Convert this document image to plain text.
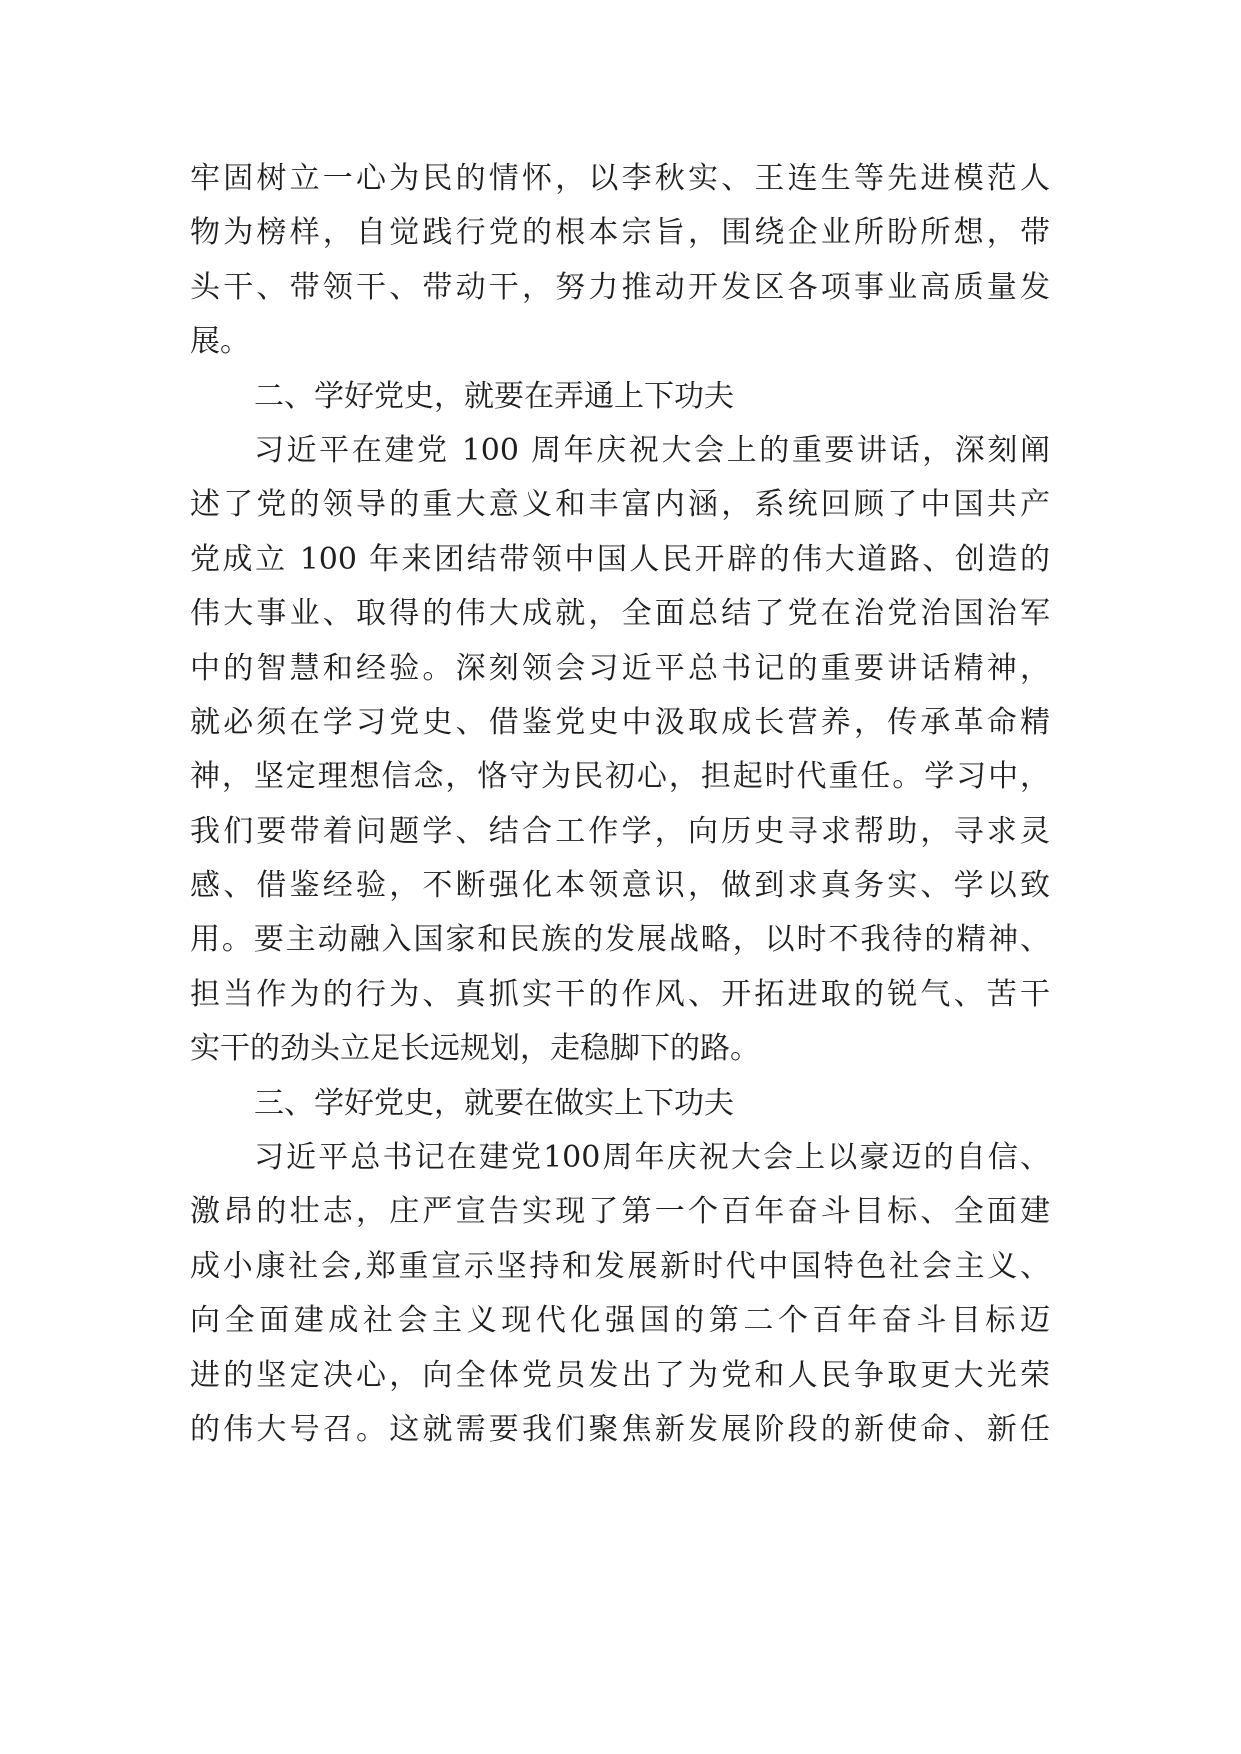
牢固树立一心为民的情怀，以李秋实、王连生等先进模范人
物为榜样，自觉践行党的根本宗旨，围绕企业所盼所想，带
头干、带领干、带动干，努力推动开发区各项事业高质量发
展。
二、学好党史，就要在弄通上下功夫
习近平在建党 100 周年庆祝大会上的重要讲话，深刻阐
述了党的领导的重大意义和丰富内涵，系统回顾了中国共产
党成立 100 年来团结带领中国人民开辟的伟大道路、创造的
伟大事业、取得的伟大成就，全面总结了党在治党治国治军
中的智慧和经验。深刻领会习近平总书记的重要讲话精神，
就必须在学习党史、借鉴党史中汲取成长营养，传承革命精
神，坚定理想信念，恪守为民初心，担起时代重任。学习中，
我们要带着问题学、结合工作学，向历史寻求帮助，寻求灵
感、借鉴经验，不断强化本领意识，做到求真务实、学以致
用。要主动融入国家和民族的发展战略，以时不我待的精神、
担当作为的行为、真抓实干的作风、开拓进取的锐气、苦干
实干的劲头立足长远规划，走稳脚下的路。
三、学好党史，就要在做实上下功夫
习近平总书记在建党100周年庆祝大会上以豪迈的自信、
激昂的壮志，庄严宣告实现了第一个百年奋斗目标、全面建
成小康社会,郑重宣示坚持和发展新时代中国特色社会主义、
向全面建成社会主义现代化强国的第二个百年奋斗目标迈
进的坚定决心，向全体党员发出了为党和人民争取更大光荣
的伟大号召。这就需要我们聚焦新发展阶段的新使命、新任
